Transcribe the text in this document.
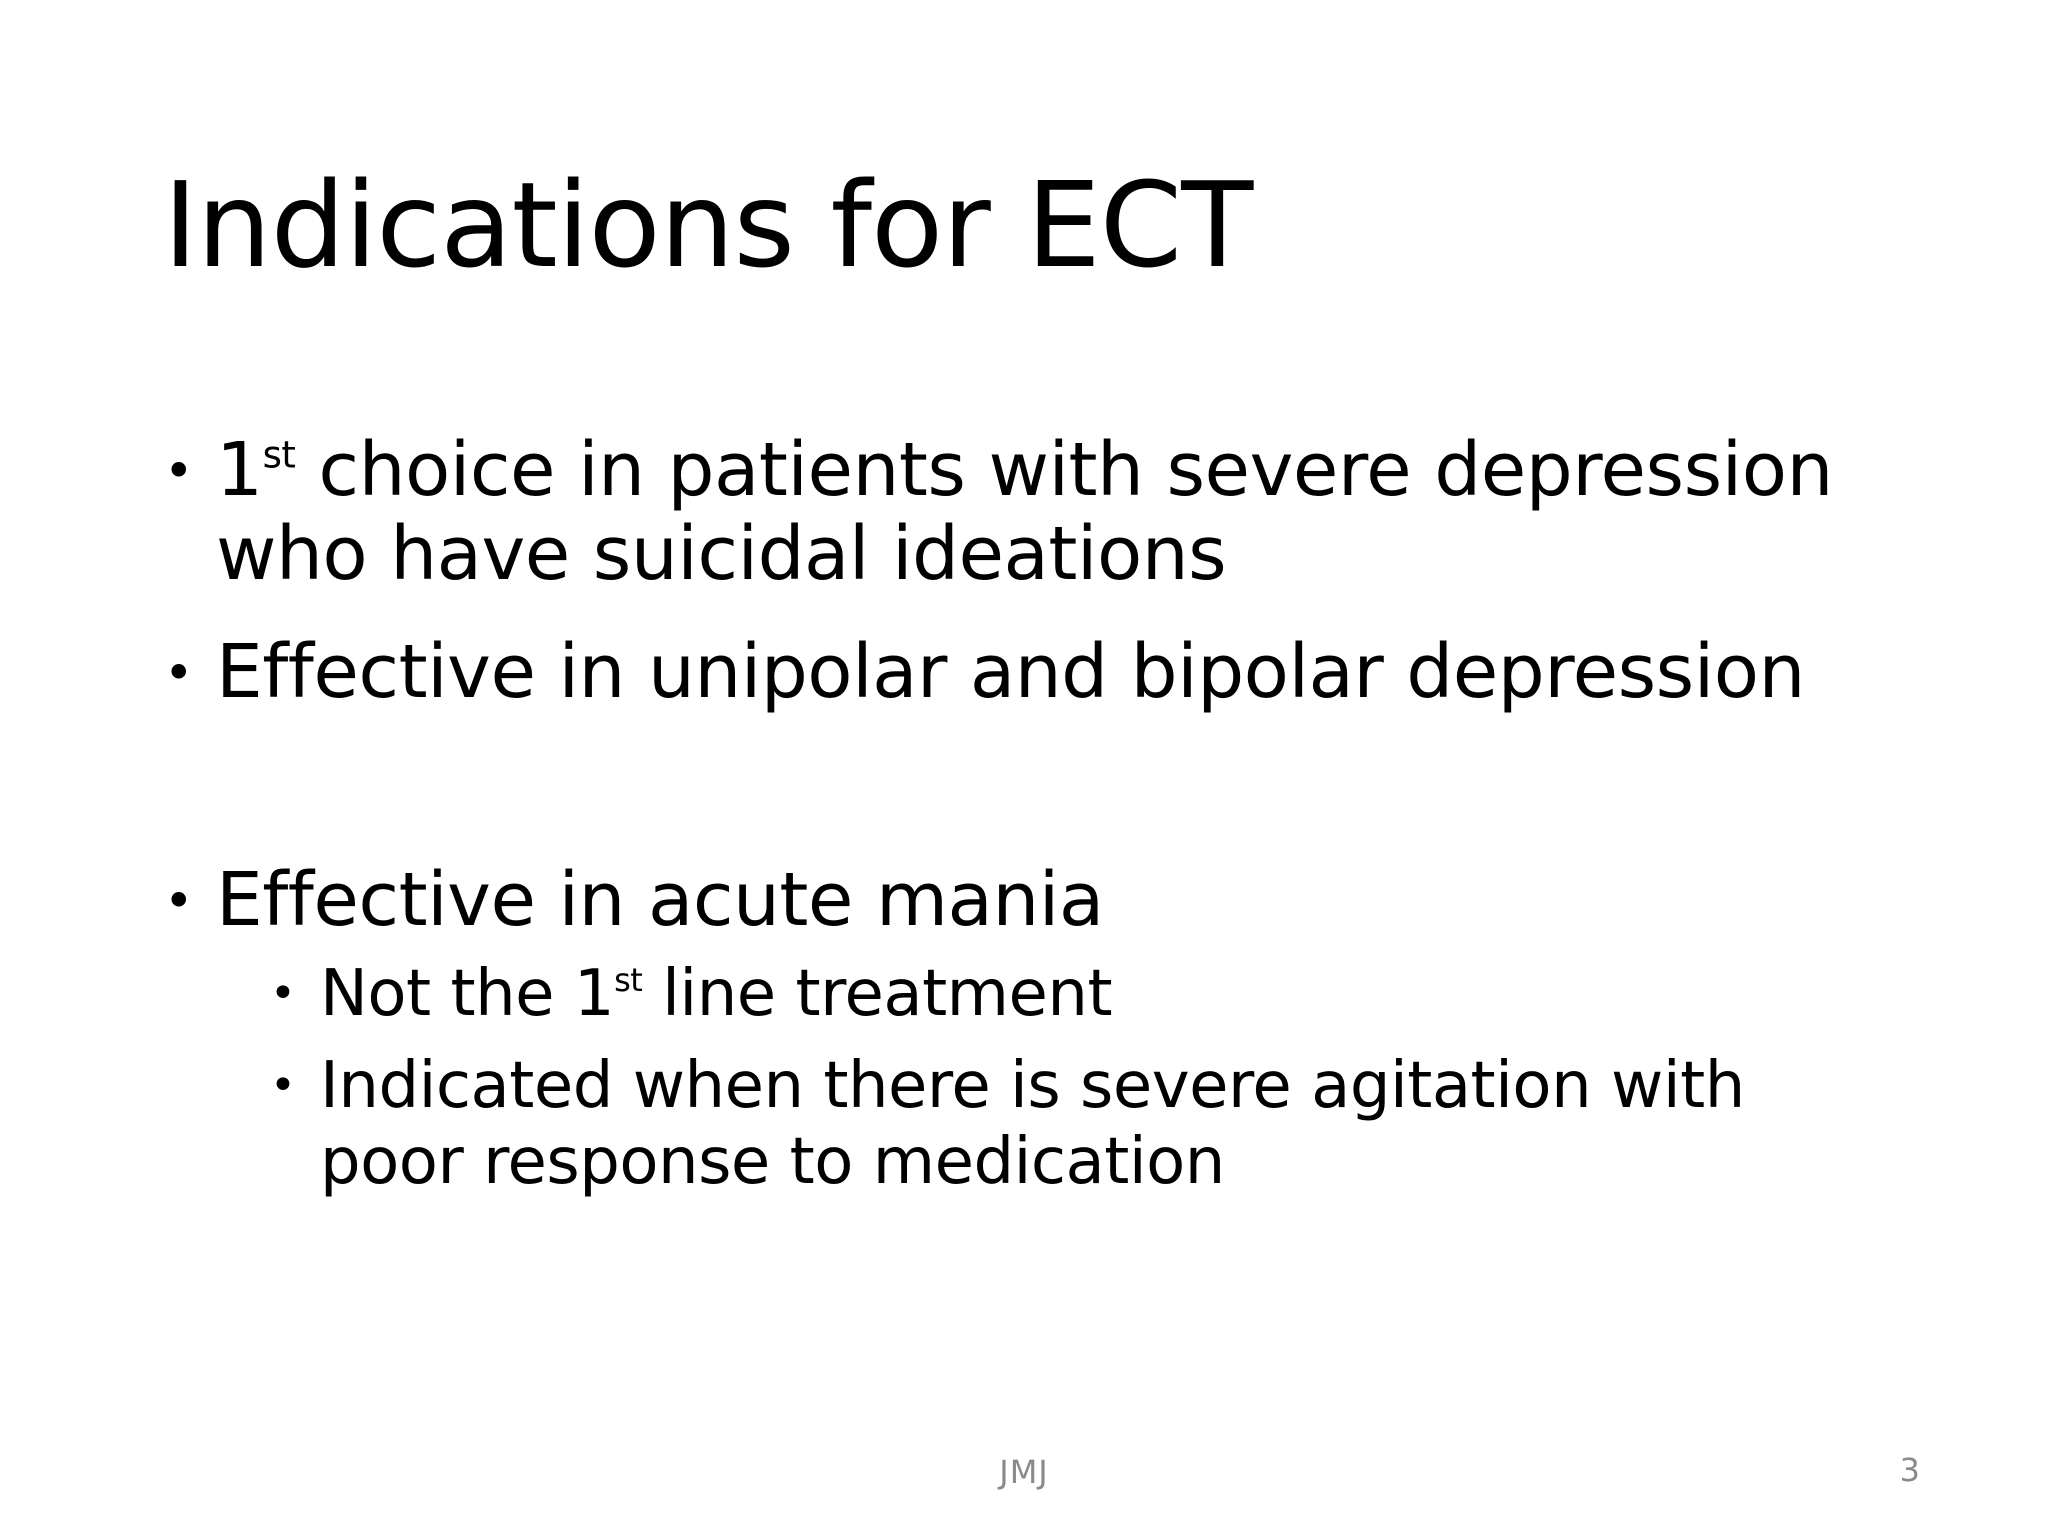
Indications for ECT
• 1st choice in patients with severe depression who have suicidal ideations
• Effective in unipolar and bipolar depression
• Effective in acute mania
• Not the 1st line treatment
• Indicated when there is severe agitation with poor response to medication
JMJ	3
